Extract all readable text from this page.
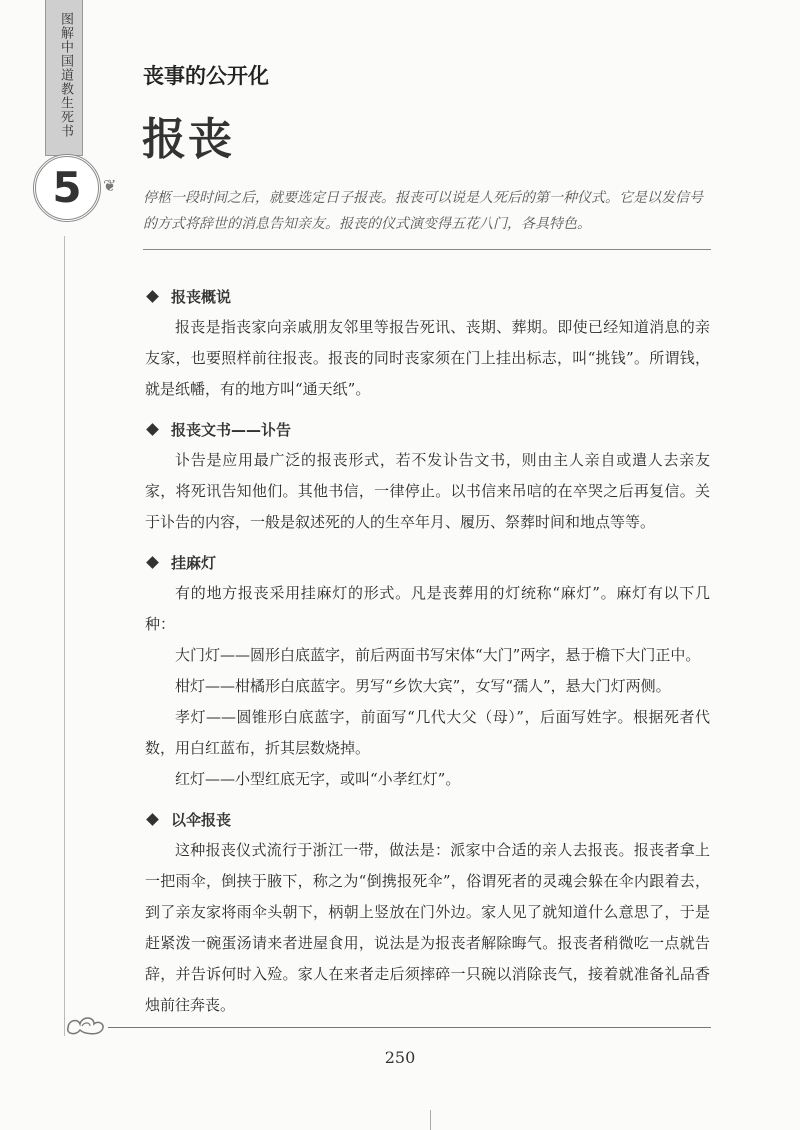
图解中国道教生死书
5	❦
丧事的公开化
报丧
停柩一段时间之后，就要选定日子报丧。报丧可以说是人死后的第一种仪式。它是以发信号的方式将辞世的消息告知亲友。报丧的仪式演变得五花八门，各具特色。
报丧概说

报丧是指丧家向亲戚朋友邻里等报告死讯、丧期、葬期。即使已经知道消息的亲友家，也要照样前往报丧。报丧的同时丧家须在门上挂出标志，叫“挑钱”。所谓钱，就是纸幡，有的地方叫“通天纸”。

报丧文书——讣告

讣告是应用最广泛的报丧形式，若不发讣告文书，则由主人亲自或遣人去亲友家，将死讯告知他们。其他书信，一律停止。以书信来吊唁的在卒哭之后再复信。关于讣告的内容，一般是叙述死的人的生卒年月、履历、祭葬时间和地点等等。

挂麻灯

有的地方报丧采用挂麻灯的形式。凡是丧葬用的灯统称“麻灯”。麻灯有以下几种：

大门灯——圆形白底蓝字，前后两面书写宋体“大门”两字，悬于檐下大门正中。

柑灯——柑橘形白底蓝字。男写“乡饮大宾”，女写“孺人”，悬大门灯两侧。

孝灯——圆锥形白底蓝字，前面写“几代大父（母）”，后面写姓字。根据死者代数，用白红蓝布，折其层数烧掉。

红灯——小型红底无字，或叫“小孝红灯”。

以伞报丧

这种报丧仪式流行于浙江一带，做法是：派家中合适的亲人去报丧。报丧者拿上一把雨伞，倒挟于腋下，称之为“倒携报死伞”，俗谓死者的灵魂会躲在伞内跟着去，到了亲友家将雨伞头朝下，柄朝上竖放在门外边。家人见了就知道什么意思了，于是赶紧泼一碗蛋汤请来者进屋食用，说法是为报丧者解除晦气。报丧者稍微吃一点就告辞，并告诉何时入殓。家人在来者走后须摔碎一只碗以消除丧气，接着就准备礼品香烛前往奔丧。

250
